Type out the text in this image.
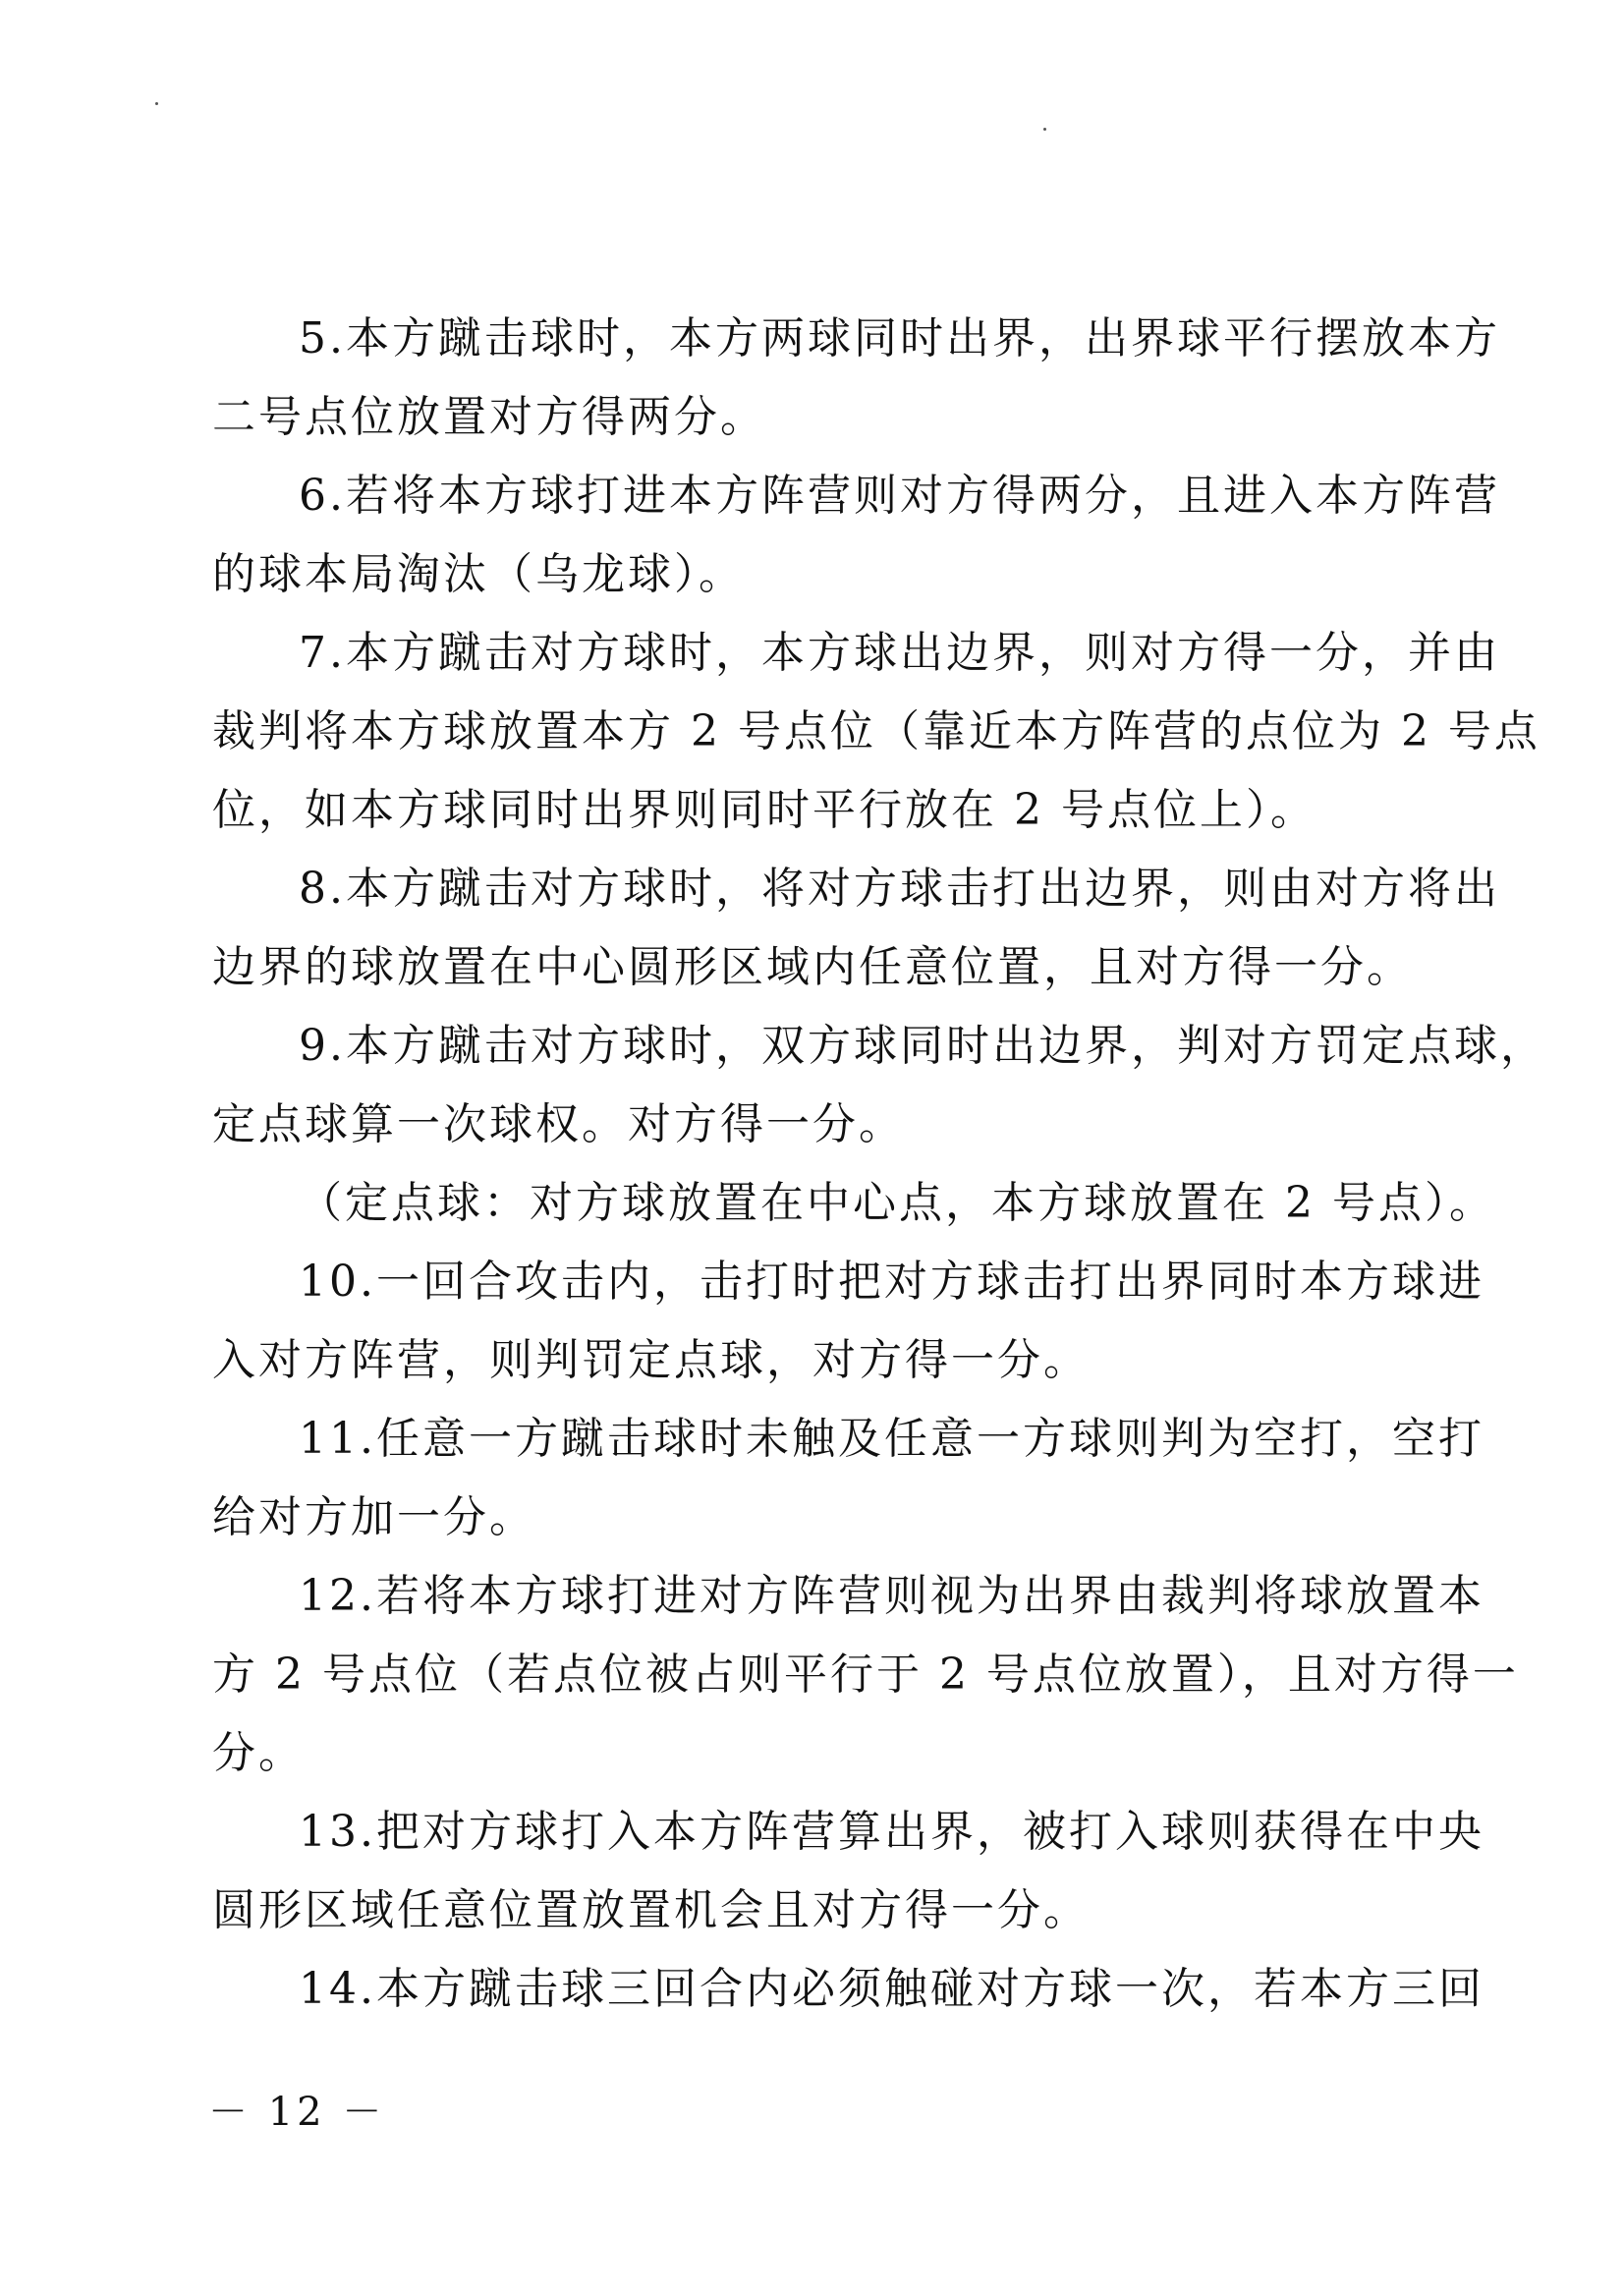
5.本方蹴击球时，本方两球同时出界，出界球平行摆放本方
二号点位放置对方得两分。
6.若将本方球打进本方阵营则对方得两分，且进入本方阵营
的球本局淘汰（乌龙球）。
7.本方蹴击对方球时，本方球出边界，则对方得一分，并由
裁判将本方球放置本方 2 号点位（靠近本方阵营的点位为 2 号点
位，如本方球同时出界则同时平行放在 2 号点位上）。
8.本方蹴击对方球时，将对方球击打出边界，则由对方将出
边界的球放置在中心圆形区域内任意位置，且对方得一分。
9.本方蹴击对方球时，双方球同时出边界，判对方罚定点球，
定点球算一次球权。对方得一分。
（定点球：对方球放置在中心点，本方球放置在 2 号点）。
10.一回合攻击内，击打时把对方球击打出界同时本方球进
入对方阵营，则判罚定点球，对方得一分。
11.任意一方蹴击球时未触及任意一方球则判为空打，空打
给对方加一分。
12.若将本方球打进对方阵营则视为出界由裁判将球放置本
方 2 号点位（若点位被占则平行于 2 号点位放置），且对方得一
分。
13.把对方球打入本方阵营算出界，被打入球则获得在中央
圆形区域任意位置放置机会且对方得一分。
14.本方蹴击球三回合内必须触碰对方球一次，若本方三回
－ 12 －
